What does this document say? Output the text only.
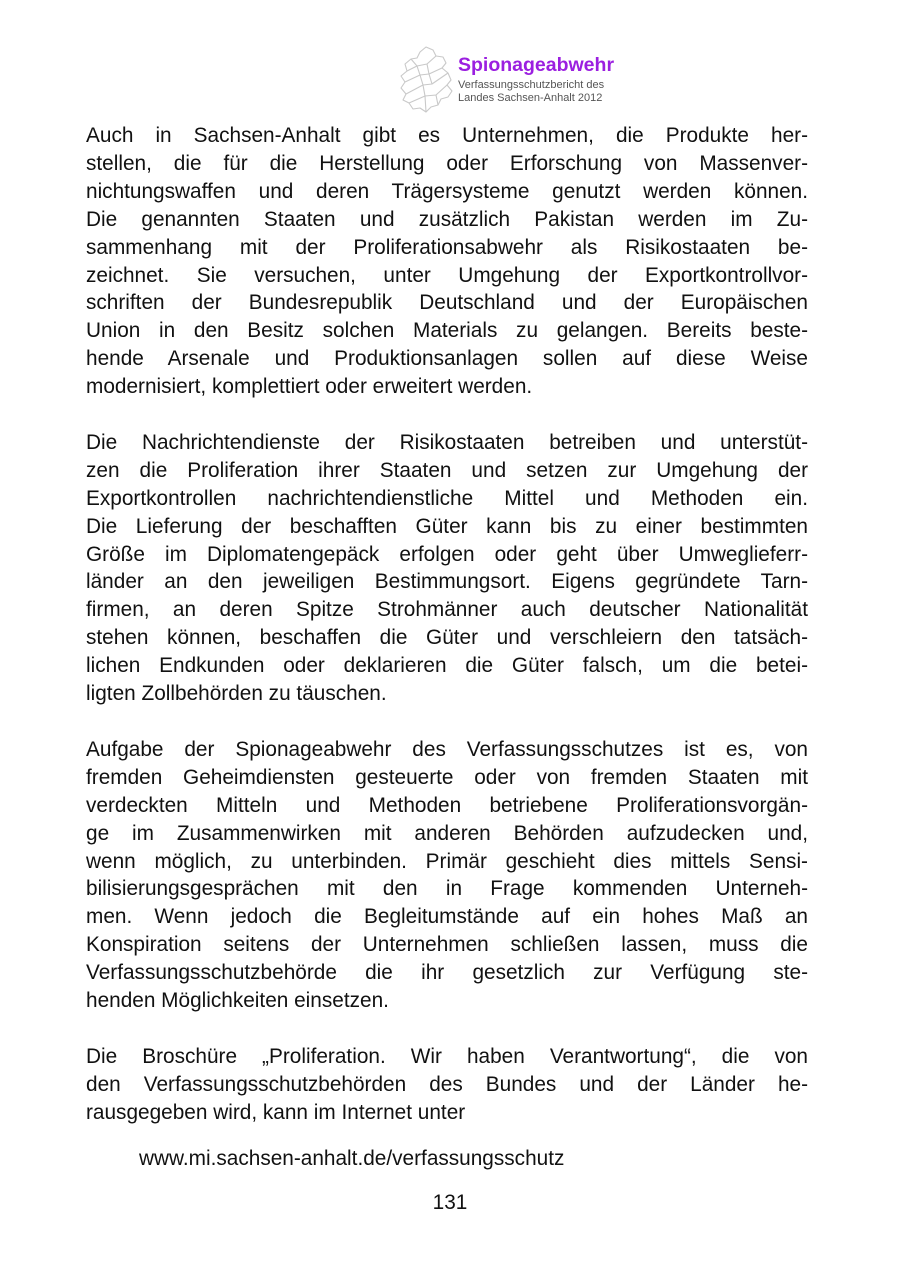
Spionageabwehr
Verfassungsschutzbericht des
Landes Sachsen-Anhalt 2012
Auch in Sachsen-Anhalt gibt es Unternehmen, die Produkte her-
stellen, die für die Herstellung oder Erforschung von Massenver-
nichtungswaffen und deren Trägersysteme genutzt werden können.
Die genannten Staaten und zusätzlich Pakistan werden im Zu-
sammenhang mit der Proliferationsabwehr als Risikostaaten be-
zeichnet. Sie versuchen, unter Umgehung der Exportkontrollvor-
schriften der Bundesrepublik Deutschland und der Europäischen
Union in den Besitz solchen Materials zu gelangen. Bereits beste-
hende Arsenale und Produktionsanlagen sollen auf diese Weise
modernisiert, komplettiert oder erweitert werden.
Die Nachrichtendienste der Risikostaaten betreiben und unterstüt-
zen die Proliferation ihrer Staaten und setzen zur Umgehung der
Exportkontrollen nachrichtendienstliche Mittel und Methoden ein.
Die Lieferung der beschafften Güter kann bis zu einer bestimmten
Größe im Diplomatengepäck erfolgen oder geht über Umweglieferr-
länder an den jeweiligen Bestimmungsort. Eigens gegründete Tarn-
firmen, an deren Spitze Strohmänner auch deutscher Nationalität
stehen können, beschaffen die Güter und verschleiern den tatsäch-
lichen Endkunden oder deklarieren die Güter falsch, um die betei-
ligten Zollbehörden zu täuschen.
Aufgabe der Spionageabwehr des Verfassungsschutzes ist es, von
fremden Geheimdiensten gesteuerte oder von fremden Staaten mit
verdeckten Mitteln und Methoden betriebene Proliferationsvorgän-
ge im Zusammenwirken mit anderen Behörden aufzudecken und,
wenn möglich, zu unterbinden. Primär geschieht dies mittels Sensi-
bilisierungsgesprächen mit den in Frage kommenden Unterneh-
men. Wenn jedoch die Begleitumstände auf ein hohes Maß an
Konspiration seitens der Unternehmen schließen lassen, muss die
Verfassungsschutzbehörde die ihr gesetzlich zur Verfügung ste-
henden Möglichkeiten einsetzen.
Die Broschüre „Proliferation. Wir haben Verantwortung“, die von
den Verfassungsschutzbehörden des Bundes und der Länder he-
rausgegeben wird, kann im Internet unter
www.mi.sachsen-anhalt.de/verfassungsschutz
131
